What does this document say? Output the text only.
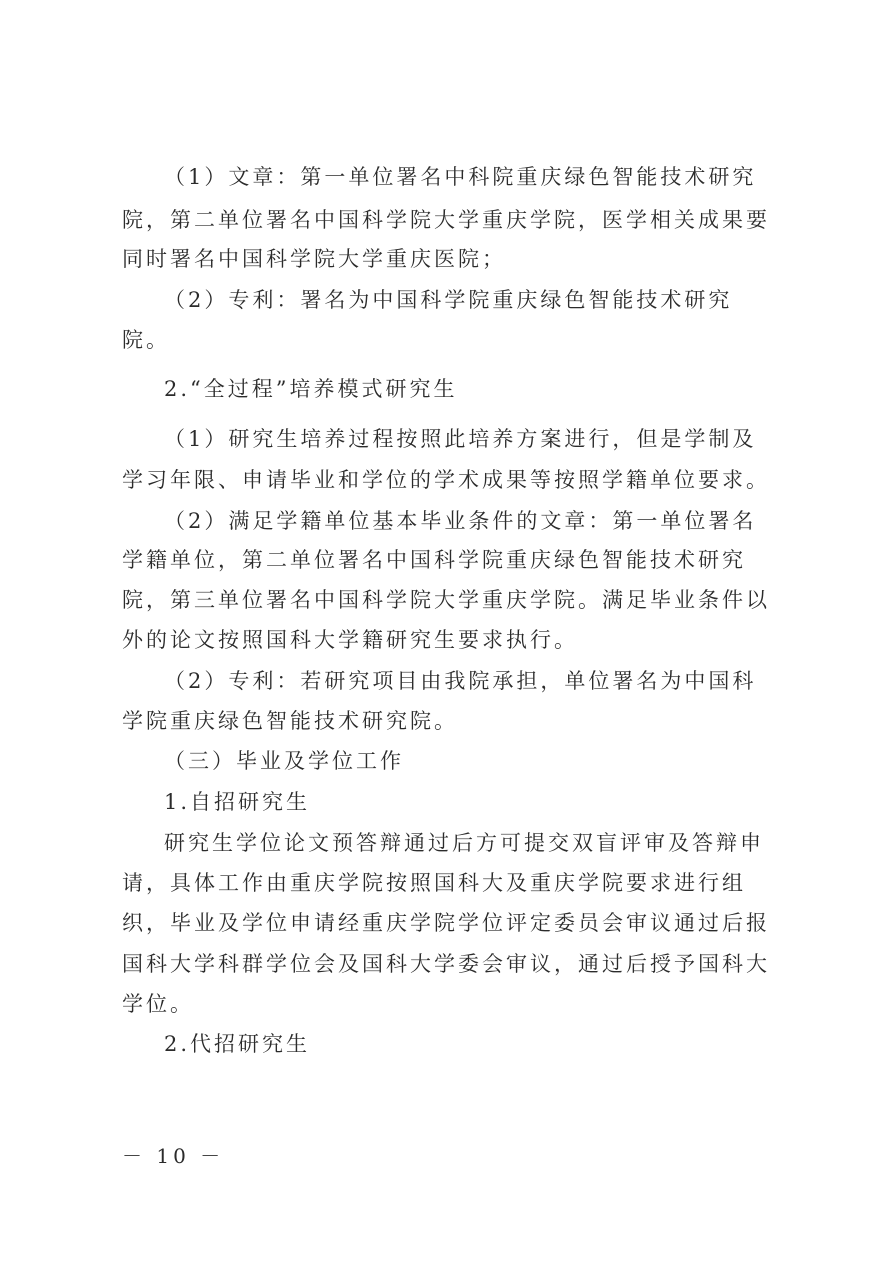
（1）文章：第一单位署名中科院重庆绿色智能技术研究
院，第二单位署名中国科学院大学重庆学院，医学相关成果要
同时署名中国科学院大学重庆医院；
（2）专利：署名为中国科学院重庆绿色智能技术研究
院。
2.“全过程”培养模式研究生
（1）研究生培养过程按照此培养方案进行，但是学制及
学习年限、申请毕业和学位的学术成果等按照学籍单位要求。
（2）满足学籍单位基本毕业条件的文章：第一单位署名
学籍单位，第二单位署名中国科学院重庆绿色智能技术研究
院，第三单位署名中国科学院大学重庆学院。满足毕业条件以
外的论文按照国科大学籍研究生要求执行。
（2）专利：若研究项目由我院承担，单位署名为中国科
学院重庆绿色智能技术研究院。
（三）毕业及学位工作
1.自招研究生
研究生学位论文预答辩通过后方可提交双盲评审及答辩申
请，具体工作由重庆学院按照国科大及重庆学院要求进行组
织，毕业及学位申请经重庆学院学位评定委员会审议通过后报
国科大学科群学位会及国科大学委会审议，通过后授予国科大
学位。
2.代招研究生
－ 10 －
